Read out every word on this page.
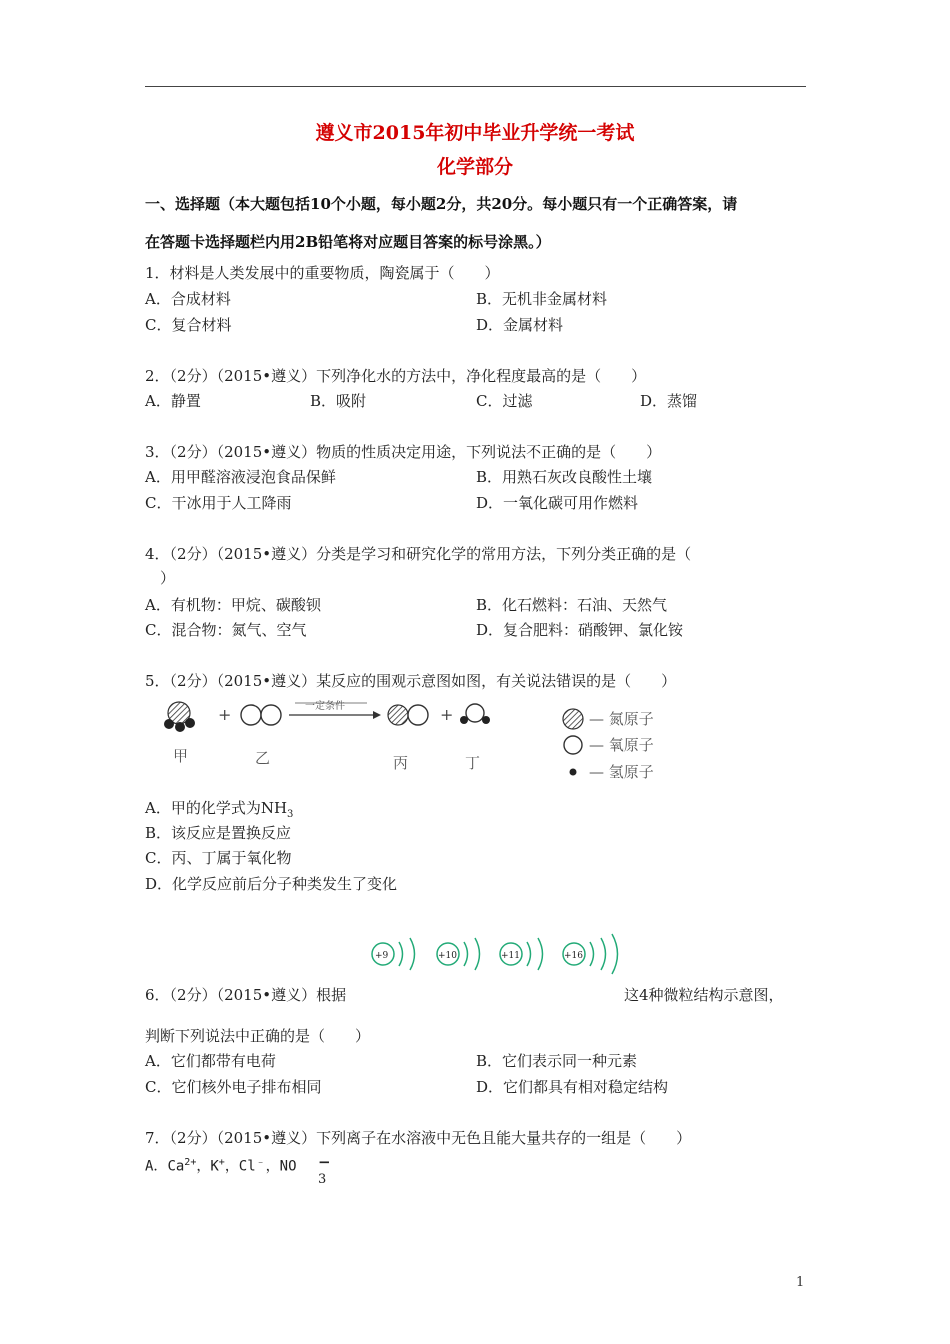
遵义市2015年初中毕业升学统一考试
化学部分
一、选择题（本大题包括10个小题，每小题2分，共20分。每小题只有一个正确答案，请
在答题卡选择题栏内用2B铅笔将对应题目答案的标号涂黑。）
1．材料是人类发展中的重要物质，陶瓷属于（　　）
A．合成材料	B．无机非金属材料
C．复合材料	D．金属材料
2．（2分）（2015•遵义）下列净化水的方法中，净化程度最高的是（　　）
A．静置	B．吸附	C．过滤	D．蒸馏
3．（2分）（2015•遵义）物质的性质决定用途，下列说法不正确的是（　　）
A．用甲醛溶液浸泡食品保鲜	B．用熟石灰改良酸性土壤
C．干冰用于人工降雨	D．一氧化碳可用作燃料
4．（2分）（2015•遵义）分类是学习和研究化学的常用方法，下列分类正确的是（
）
A．有机物：甲烷、碳酸钡	B．化石燃料：石油、天然气
C．混合物：氮气、空气	D．复合肥料：硝酸钾、氯化铵
5．（2分）（2015•遵义）某反应的围观示意图如图，有关说法错误的是（　　）
+	一定条件	+
甲	乙	丙	丁
— 氮原子
— 氧原子
— 氢原子
A．甲的化学式为$NH_3$
B．该反应是置换反应
C．丙、丁属于氧化物
D．化学反应前后分子种类发生了变化
+9	+10	+11	+16
6．（2分）（2015•遵义）根据	这4种微粒结构示意图，
判断下列说法中正确的是（　　）
A．它们都带有电荷	B．它们表示同一种元素
C．它们核外电子排布相同	D．它们都具有相对稳定结构
7．（2分）（2015•遵义）下列离子在水溶液中无色且能大量共存的一组是（　　）
A．$Ca^{2+}$，K+，Cl﹣，NO −
3
1
